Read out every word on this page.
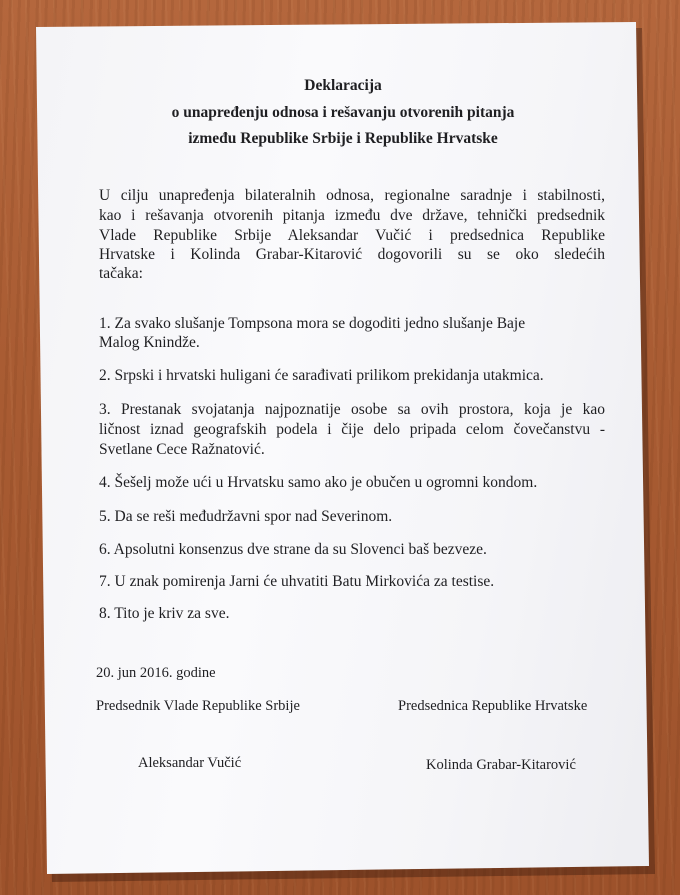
Deklaracija

o unapređenju odnosa i rešavanju otvorenih pitanja

između Republike Srbije i Republike Hrvatske

U cilju unapređenja bilateralnih odnosa, regionalne saradnje i stabilnosti,

kao i rešavanja otvorenih pitanja između dve države, tehnički predsednik

Vlade Republike Srbije Aleksandar Vučić i predsednica Republike

Hrvatske i Kolinda Grabar-Kitarović dogovorili su se oko sledećih

tačaka:

1. Za svako slušanje Tompsona mora se dogoditi jedno slušanje Baje

Malog Knindže.

2. Srpski i hrvatski huligani će sarađivati prilikom prekidanja utakmica.

3. Prestanak svojatanja najpoznatije osobe sa ovih prostora, koja je kao

ličnost iznad geografskih podela i čije delo pripada celom čovečanstvu -

Svetlane Cece Ražnatović.

4. Šešelj može ući u Hrvatsku samo ako je obučen u ogromni kondom.

5. Da se reši međudržavni spor nad Severinom.

6. Apsolutni konsenzus dve strane da su Slovenci baš bezveze.

7. U znak pomirenja Jarni će uhvatiti Batu Mirkovića za testise.

8. Tito je kriv za sve.

20. jun 2016. godine

Predsednik Vlade Republike Srbije	Predsednica Republike Hrvatske

Aleksandar Vučić	Kolinda Grabar-Kitarović
